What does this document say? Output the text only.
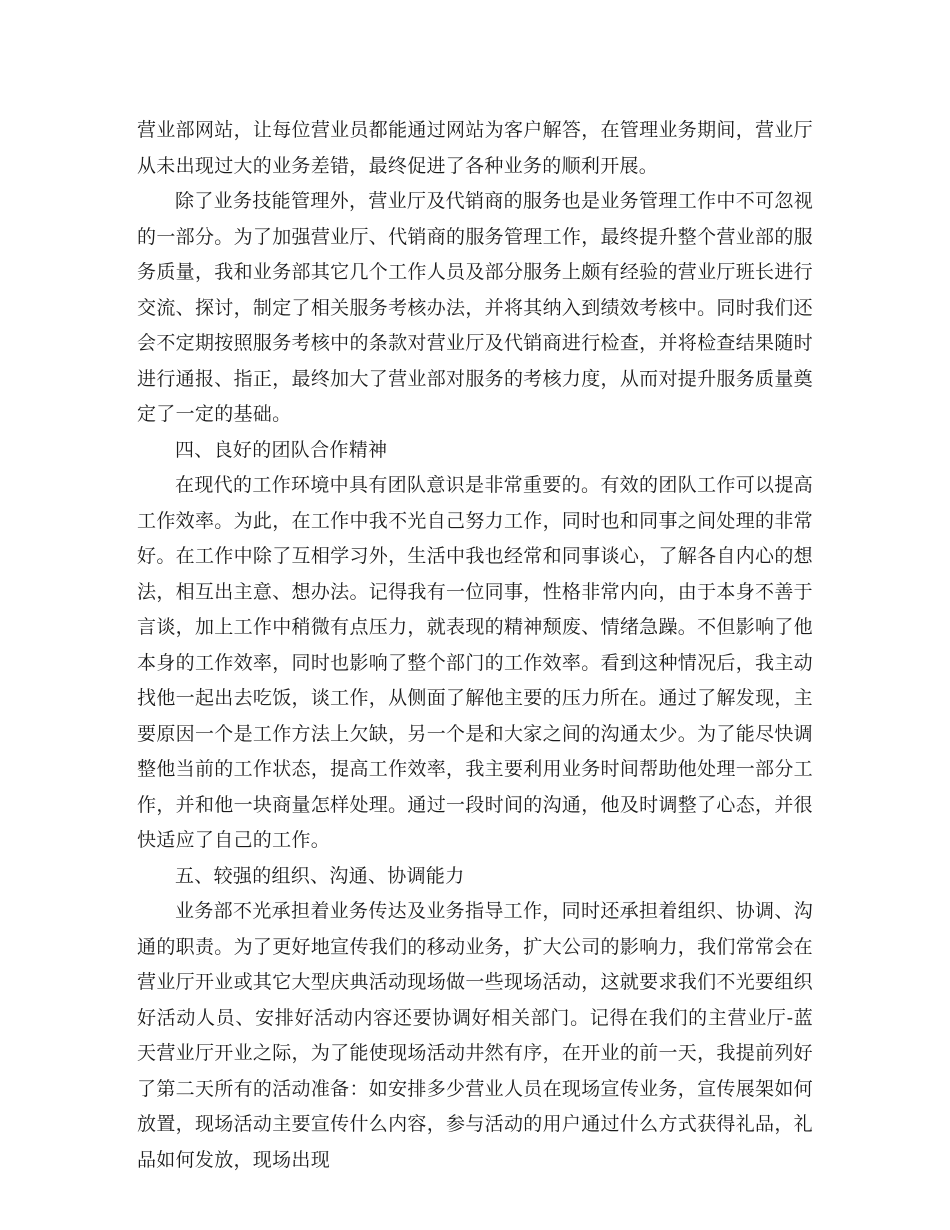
营业部网站，让每位营业员都能通过网站为客户解答，在管理业务期间，营业厅从未出现过大的业务差错，最终促进了各种业务的顺利开展。

除了业务技能管理外，营业厅及代销商的服务也是业务管理工作中不可忽视的一部分。为了加强营业厅、代销商的服务管理工作，最终提升整个营业部的服务质量，我和业务部其它几个工作人员及部分服务上颇有经验的营业厅班长进行交流、探讨，制定了相关服务考核办法，并将其纳入到绩效考核中。同时我们还会不定期按照服务考核中的条款对营业厅及代销商进行检查，并将检查结果随时进行通报、指正，最终加大了营业部对服务的考核力度，从而对提升服务质量奠定了一定的基础。

四、良好的团队合作精神

在现代的工作环境中具有团队意识是非常重要的。有效的团队工作可以提高工作效率。为此，在工作中我不光自己努力工作，同时也和同事之间处理的非常好。在工作中除了互相学习外，生活中我也经常和同事谈心，了解各自内心的想法，相互出主意、想办法。记得我有一位同事，性格非常内向，由于本身不善于言谈，加上工作中稍微有点压力，就表现的精神颓废、情绪急躁。不但影响了他本身的工作效率，同时也影响了整个部门的工作效率。看到这种情况后，我主动找他一起出去吃饭，谈工作，从侧面了解他主要的压力所在。通过了解发现，主要原因一个是工作方法上欠缺，另一个是和大家之间的沟通太少。为了能尽快调整他当前的工作状态，提高工作效率，我主要利用业务时间帮助他处理一部分工作，并和他一块商量怎样处理。通过一段时间的沟通，他及时调整了心态，并很快适应了自己的工作。

五、较强的组织、沟通、协调能力

业务部不光承担着业务传达及业务指导工作，同时还承担着组织、协调、沟通的职责。为了更好地宣传我们的移动业务，扩大公司的影响力，我们常常会在营业厅开业或其它大型庆典活动现场做一些现场活动，这就要求我们不光要组织好活动人员、安排好活动内容还要协调好相关部门。记得在我们的主营业厅-蓝天营业厅开业之际，为了能使现场活动井然有序，在开业的前一天，我提前列好了第二天所有的活动准备：如安排多少营业人员在现场宣传业务，宣传展架如何放置，现场活动主要宣传什么内容，参与活动的用户通过什么方式获得礼品，礼品如何发放，现场出现
